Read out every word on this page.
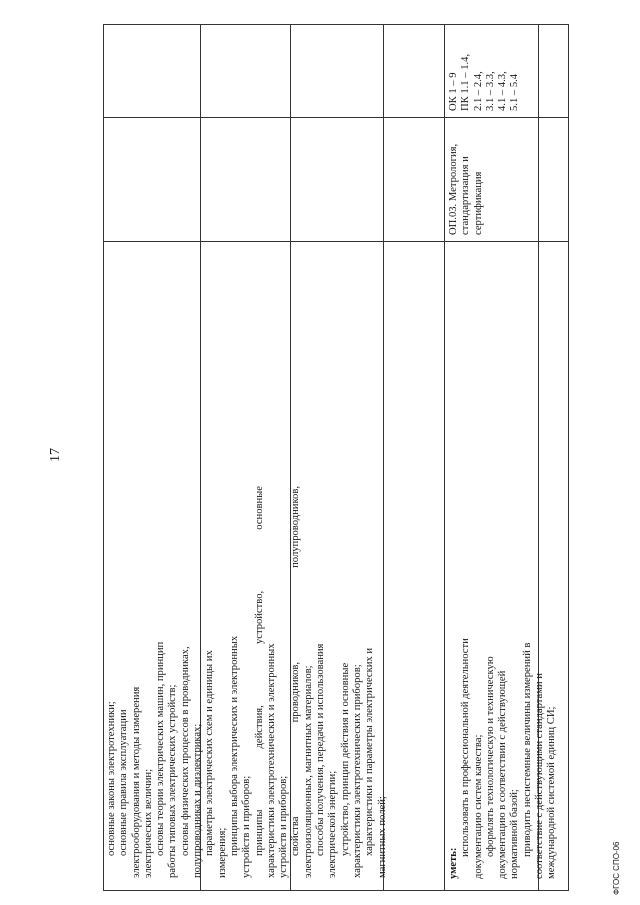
17

основные законы электротехники; основные правила эксплуатации электрооборудования и методы измерения электрических величин; основы теории электрических машин, принцип работы типовых электрических устройств; основы физических процессов в проводниках, полупроводниках и диэлектриках; параметры электрических схем и единицы их измерения; принципы выбора электрических и электронных устройств и приборов; принципы действия, устройство, основные характеристики электротехнических и электронных устройств и приборов; свойства проводников, полупроводников, электроизоляционных, магнитных материалов; способы получения, передачи и использования электрической энергии; устройство, принцип действия и основные характеристики электротехнических приборов; характеристики и параметры электрических и магнитных полей;	ФГОС СПО-06
уметь:
использовать в профессиональной деятельности документацию систем качества; оформлять технологическую и техническую документацию в соответствии с действующей нормативной базой; приводить несистемные величины измерений в соответствие с действующими стандартами и международной системой единиц СИ;
ОП.03. Метрология, стандартизация и сертификация
ОК 1 – 9 ПК 1.1 – 1.4, 2.1 – 2.4, 3.1 – 3.3, 4.1 – 4.3, 5.1 – 5.4
